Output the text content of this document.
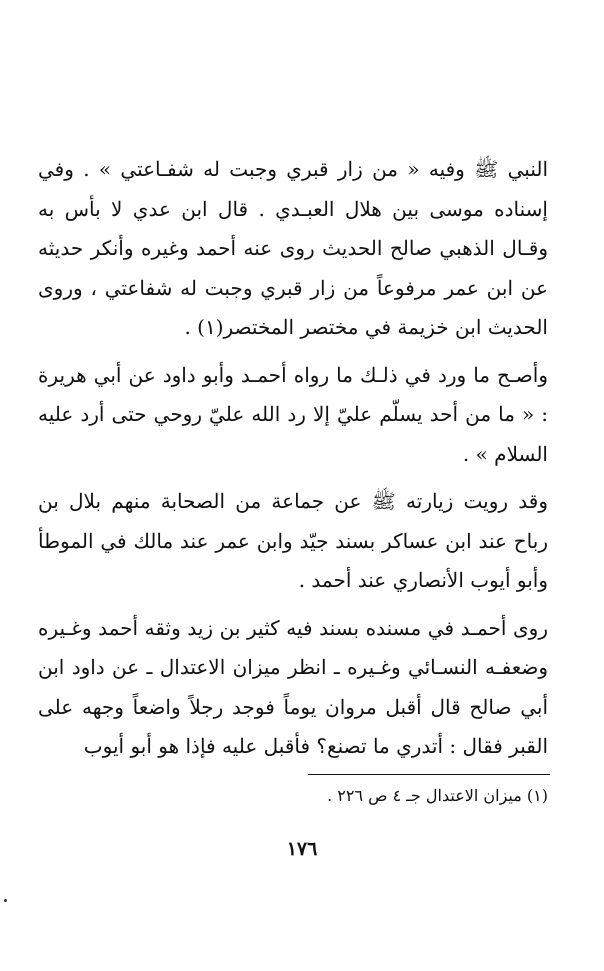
النبي ﷺ وفيه « من زار قبري وجبت له شفـاعتي » . وفي إسناده موسى بين هلال العبـدي . قال ابن عدي لا بأس به وقـال الذهبي صالح الحديث روى عنه أحمد وغيره وأنكر حديثه عن ابن عمر مرفوعاً من زار قبري وجبت له شفاعتي ، وروى الحديث ابن خزيمة في مختصر المختصر(١) .

وأصـح ما ورد في ذلـك ما رواه أحمـد وأبو داود عن أبي هريرة : « ما من أحد يسلّم عليّ إلا رد الله عليّ روحي حتى أرد عليه السلام » .

وقد رويت زيارته ﷺ عن جماعة من الصحابة منهم بلال بن رباح عند ابن عساكر بسند جيّد وابن عمر عند مالك في الموطأ وأبو أيوب الأنصاري عند أحمد .

روى أحمـد في مسنده بسند فيه كثير بن زيد وثقه أحمد وغـيره وضعفـه النسـائي وغـيره ـ انظر ميزان الاعتدال ـ عن داود ابن أبي صالح قال أقبل مروان يوماً فوجد رجلاً واضعاً وجهه على القبر فقال : أتدري ما تصنع؟ فأقبل عليه فإذا هو أبو أيوب

(١) ميزان الاعتدال جـ ٤ ص ٢٢٦ .
١٧٦
